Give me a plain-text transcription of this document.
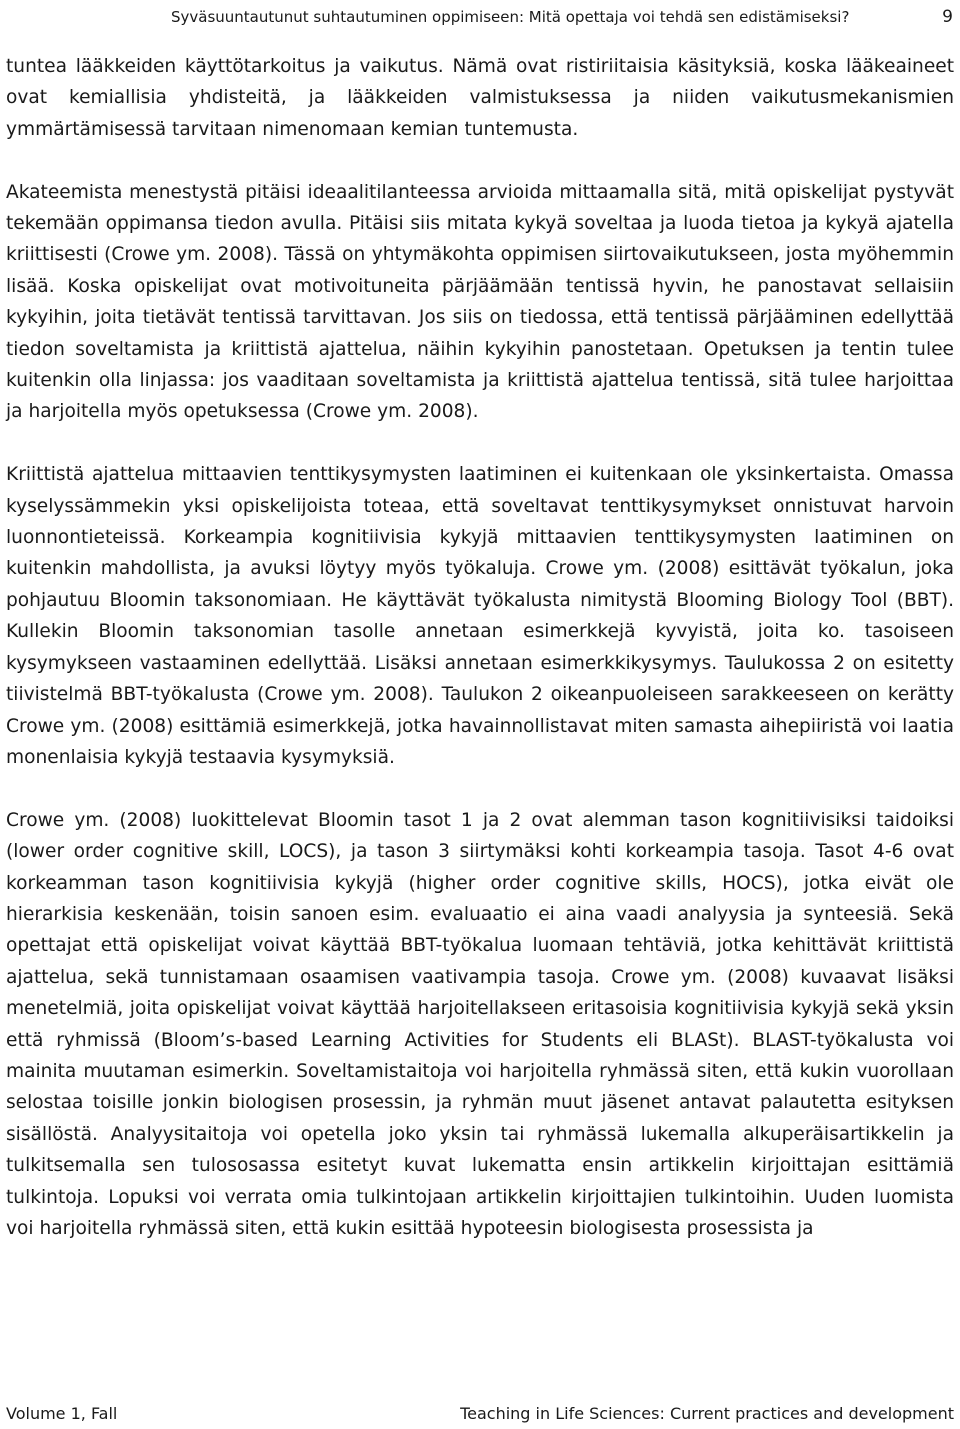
Syväsuuntautunut suhtautuminen oppimiseen: Mitä opettaja voi tehdä sen edistämiseksi?	9

tuntea lääkkeiden käyttötarkoitus ja vaikutus. Nämä ovat ristiriitaisia käsityksiä, koska lääkeaineet ovat kemiallisia yhdisteitä, ja lääkkeiden valmistuksessa ja niiden vaikutusmekanismien ymmärtämisessä tarvitaan nimenomaan kemian tuntemusta.

Akateemista menestystä pitäisi ideaalitilanteessa arvioida mittaamalla sitä, mitä opiskelijat pystyvät tekemään oppimansa tiedon avulla. Pitäisi siis mitata kykyä soveltaa ja luoda tietoa ja kykyä ajatella kriittisesti (Crowe ym. 2008). Tässä on yhtymäkohta oppimisen siirtovaikutukseen, josta myöhemmin lisää. Koska opiskelijat ovat motivoituneita pärjäämään tentissä hyvin, he panostavat sellaisiin kykyihin, joita tietävät tentissä tarvittavan. Jos siis on tiedossa, että tentissä pärjääminen edellyttää tiedon soveltamista ja kriittistä ajattelua, näihin kykyihin panostetaan. Opetuksen ja tentin tulee kuitenkin olla linjassa: jos vaaditaan soveltamista ja kriittistä ajattelua tentissä, sitä tulee harjoittaa ja harjoitella myös opetuksessa (Crowe ym. 2008).

Kriittistä ajattelua mittaavien tenttikysymysten laatiminen ei kuitenkaan ole yksinkertaista. Omassa kyselyssämmekin yksi opiskelijoista toteaa, että soveltavat tenttikysymykset onnistuvat harvoin luonnontieteissä. Korkeampia kognitiivisia kykyjä mittaavien tenttikysymysten laatiminen on kuitenkin mahdollista, ja avuksi löytyy myös työkaluja. Crowe ym. (2008) esittävät työkalun, joka pohjautuu Bloomin taksonomiaan. He käyttävät työkalusta nimitystä Blooming Biology Tool (BBT). Kullekin Bloomin taksonomian tasolle annetaan esimerkkejä kyvyistä, joita ko. tasoiseen kysymykseen vastaaminen edellyttää. Lisäksi annetaan esimerkkikysymys. Taulukossa 2 on esitetty tiivistelmä BBT-työkalusta (Crowe ym. 2008). Taulukon 2 oikeanpuoleiseen sarakkeeseen on kerätty Crowe ym. (2008) esittämiä esimerkkejä, jotka havainnollistavat miten samasta aihepiiristä voi laatia monenlaisia kykyjä testaavia kysymyksiä.

Crowe ym. (2008) luokittelevat Bloomin tasot 1 ja 2 ovat alemman tason kognitiivisiksi taidoiksi (lower order cognitive skill, LOCS), ja tason 3 siirtymäksi kohti korkeampia tasoja. Tasot 4-6 ovat korkeamman tason kognitiivisia kykyjä (higher order cognitive skills, HOCS), jotka eivät ole hierarkisia keskenään, toisin sanoen esim. evaluaatio ei aina vaadi analyysia ja synteesiä. Sekä opettajat että opiskelijat voivat käyttää BBT-työkalua luomaan tehtäviä, jotka kehittävät kriittistä ajattelua, sekä tunnistamaan osaamisen vaativampia tasoja. Crowe ym. (2008) kuvaavat lisäksi menetelmiä, joita opiskelijat voivat käyttää harjoitellakseen eritasoisia kognitiivisia kykyjä sekä yksin että ryhmissä (Bloom’s-based Learning Activities for Students eli BLASt). BLAST-työkalusta voi mainita muutaman esimerkin. Soveltamistaitoja voi harjoitella ryhmässä siten, että kukin vuorollaan selostaa toisille jonkin biologisen prosessin, ja ryhmän muut jäsenet antavat palautetta esityksen sisällöstä. Analyysitaitoja voi opetella joko yksin tai ryhmässä lukemalla alkuperäisartikkelin ja tulkitsemalla sen tulososassa esitetyt kuvat lukematta ensin artikkelin kirjoittajan esittämiä tulkintoja. Lopuksi voi verrata omia tulkintojaan artikkelin kirjoittajien tulkintoihin. Uuden luomista voi harjoitella ryhmässä siten, että kukin esittää hypoteesin biologisesta prosessista ja

Volume 1, Fall	Teaching in Life Sciences: Current practices and development
